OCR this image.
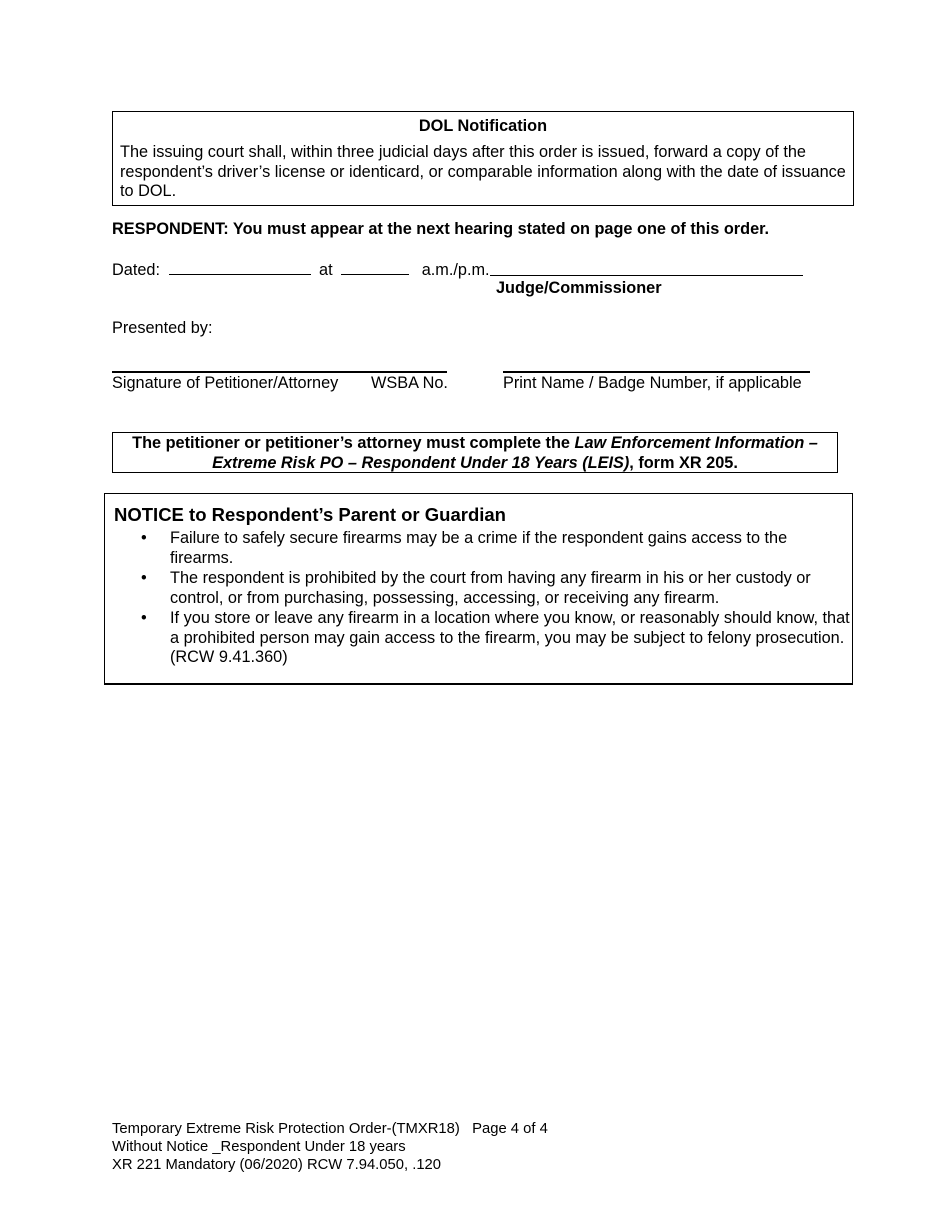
DOL Notification
The issuing court shall, within three judicial days after this order is issued, forward a copy of the respondent’s driver’s license or identicard, or comparable information along with the date of issuance to DOL.
RESPONDENT: You must appear at the next hearing stated on page one of this order.
Dated:	at	a.m./p.m.
Judge/Commissioner
Presented by:
Signature of Petitioner/Attorney WSBA No.	Print Name / Badge Number, if applicable
The petitioner or petitioner’s attorney must complete the Law Enforcement Information – Extreme Risk PO – Respondent Under 18 Years (LEIS), form XR 205.
NOTICE to Respondent’s Parent or Guardian
• Failure to safely secure firearms may be a crime if the respondent gains access to the firearms.
• The respondent is prohibited by the court from having any firearm in his or her custody or control, or from purchasing, possessing, accessing, or receiving any firearm.
• If you store or leave any firearm in a location where you know, or reasonably should know, that a prohibited person may gain access to the firearm, you may be subject to felony prosecution. (RCW 9.41.360)
Temporary Extreme Risk Protection Order-(TMXR18)   Page 4 of 4
Without Notice _Respondent Under 18 years
XR 221 Mandatory (06/2020) RCW 7.94.050, .120
